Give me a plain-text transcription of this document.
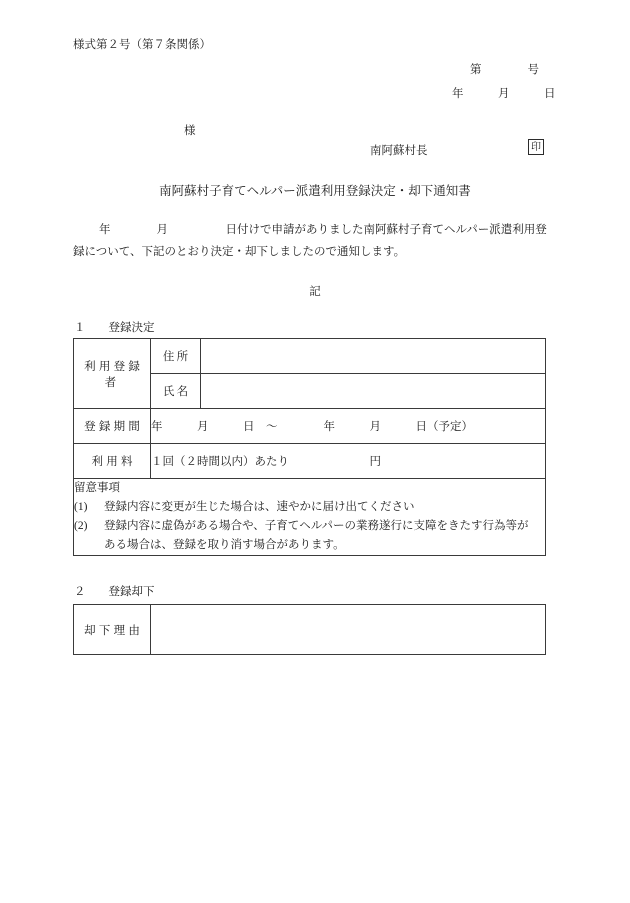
様式第２号（第７条関係）
第　　　　号
年　　　月　　　日
様
南阿蘇村長	印
南阿蘇村子育てヘルパー派遣利用登録決定・却下通知書
年　　　　月　　　　　日付けで申請がありました南阿蘇村子育てヘルパー派遣利用登録について、下記のとおり決定・却下しましたので通知します。
記
１　　登録決定
利用登録者	住所	
	氏名	
登録期間	年　　　月　　　日　〜　　　　年　　　月　　　日（予定）	
利用料	１回（２時間以内）あたり　　　　　　　円	

留意事項
(1)	登録内容に変更が生じた場合は、速やかに届け出てください
(2)	登録内容に虚偽がある場合や、子育てヘルパーの業務遂行に支障をきたす行為等が
ある場合は、登録を取り消す場合があります。
２　　登録却下
却下理由	
